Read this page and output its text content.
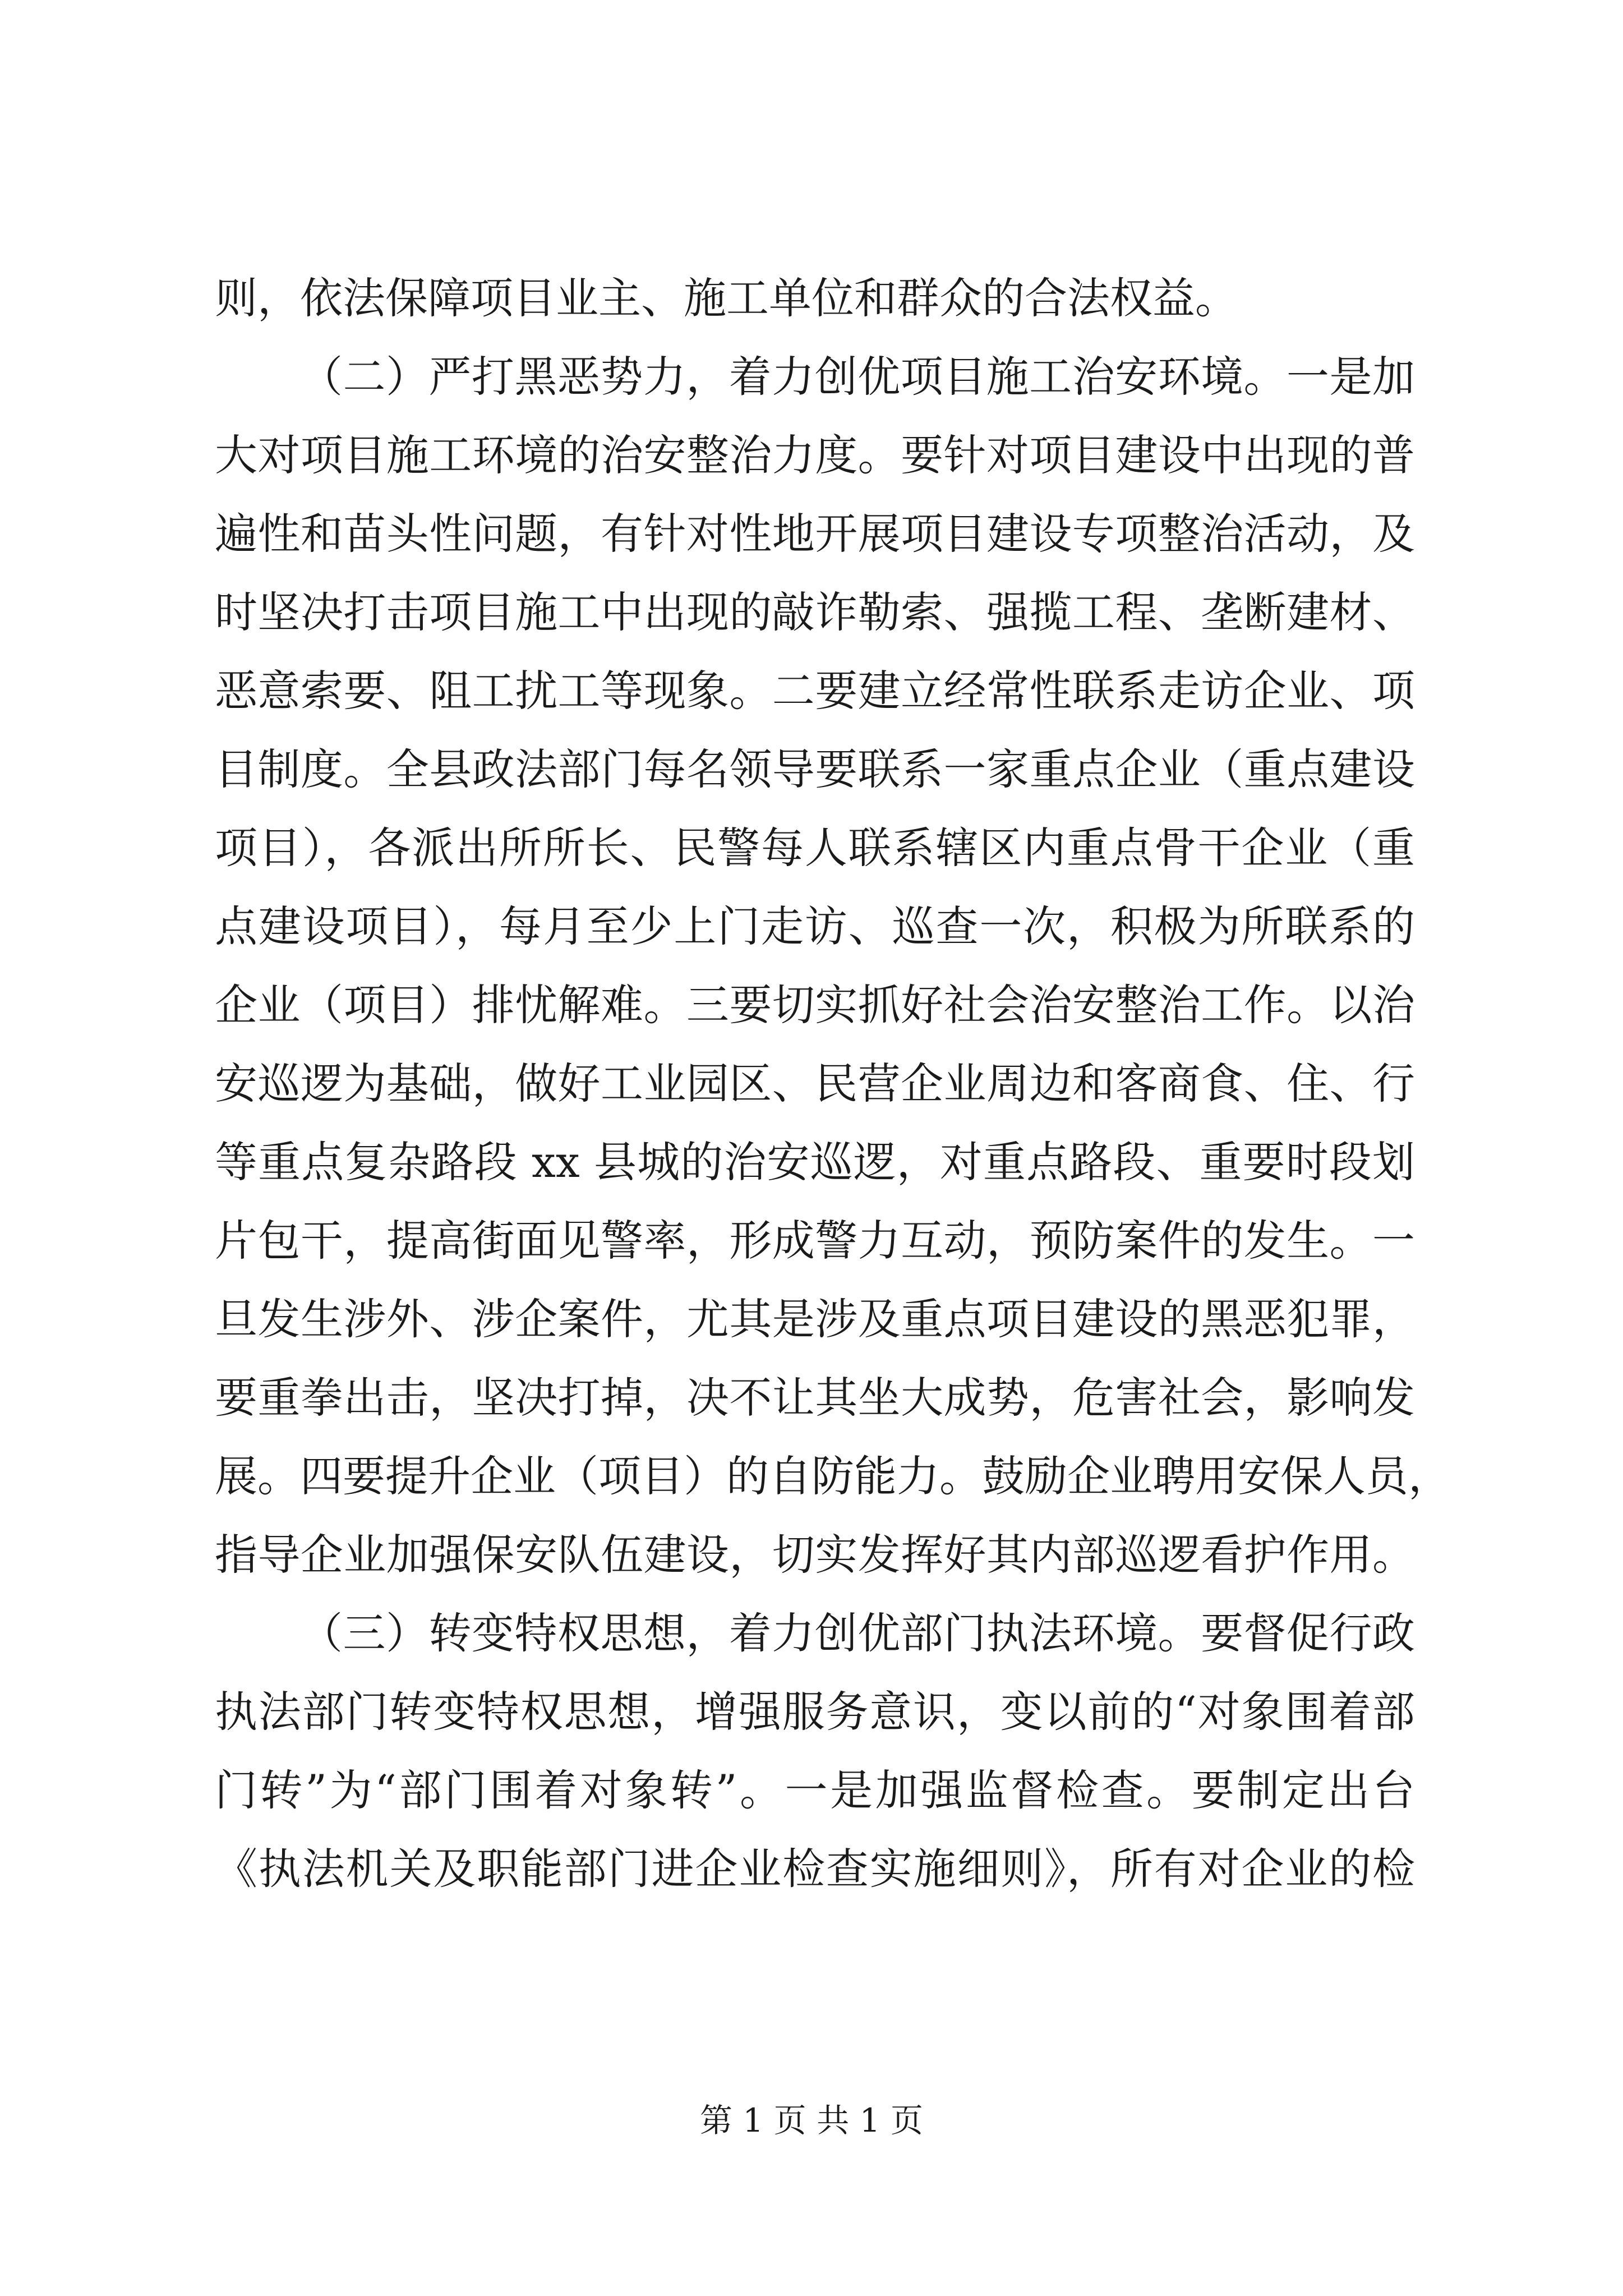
则，依法保障项目业主、施工单位和群众的合法权益。
（二）严打黑恶势力，着力创优项目施工治安环境。一是加
大对项目施工环境的治安整治力度。要针对项目建设中出现的普
遍性和苗头性问题，有针对性地开展项目建设专项整治活动，及
时坚决打击项目施工中出现的敲诈勒索、强揽工程、垄断建材、
恶意索要、阻工扰工等现象。二要建立经常性联系走访企业、项
目制度。全县政法部门每名领导要联系一家重点企业（重点建设
项目），各派出所所长、民警每人联系辖区内重点骨干企业（重
点建设项目），每月至少上门走访、巡查一次，积极为所联系的
企业（项目）排忧解难。三要切实抓好社会治安整治工作。以治
安巡逻为基础，做好工业园区、民营企业周边和客商食、住、行
等重点复杂路段 xx 县城的治安巡逻，对重点路段、重要时段划
片包干，提高街面见警率，形成警力互动，预防案件的发生。一
旦发生涉外、涉企案件，尤其是涉及重点项目建设的黑恶犯罪，
要重拳出击，坚决打掉，决不让其坐大成势，危害社会，影响发
展。四要提升企业（项目）的自防能力。鼓励企业聘用安保人员，
指导企业加强保安队伍建设，切实发挥好其内部巡逻看护作用。
（三）转变特权思想，着力创优部门执法环境。要督促行政
执法部门转变特权思想，增强服务意识，变以前的“对象围着部
门转”为“部门围着对象转”。一是加强监督检查。要制定出台
《执法机关及职能部门进企业检查实施细则》，所有对企业的检
第 1 页 共 1 页
